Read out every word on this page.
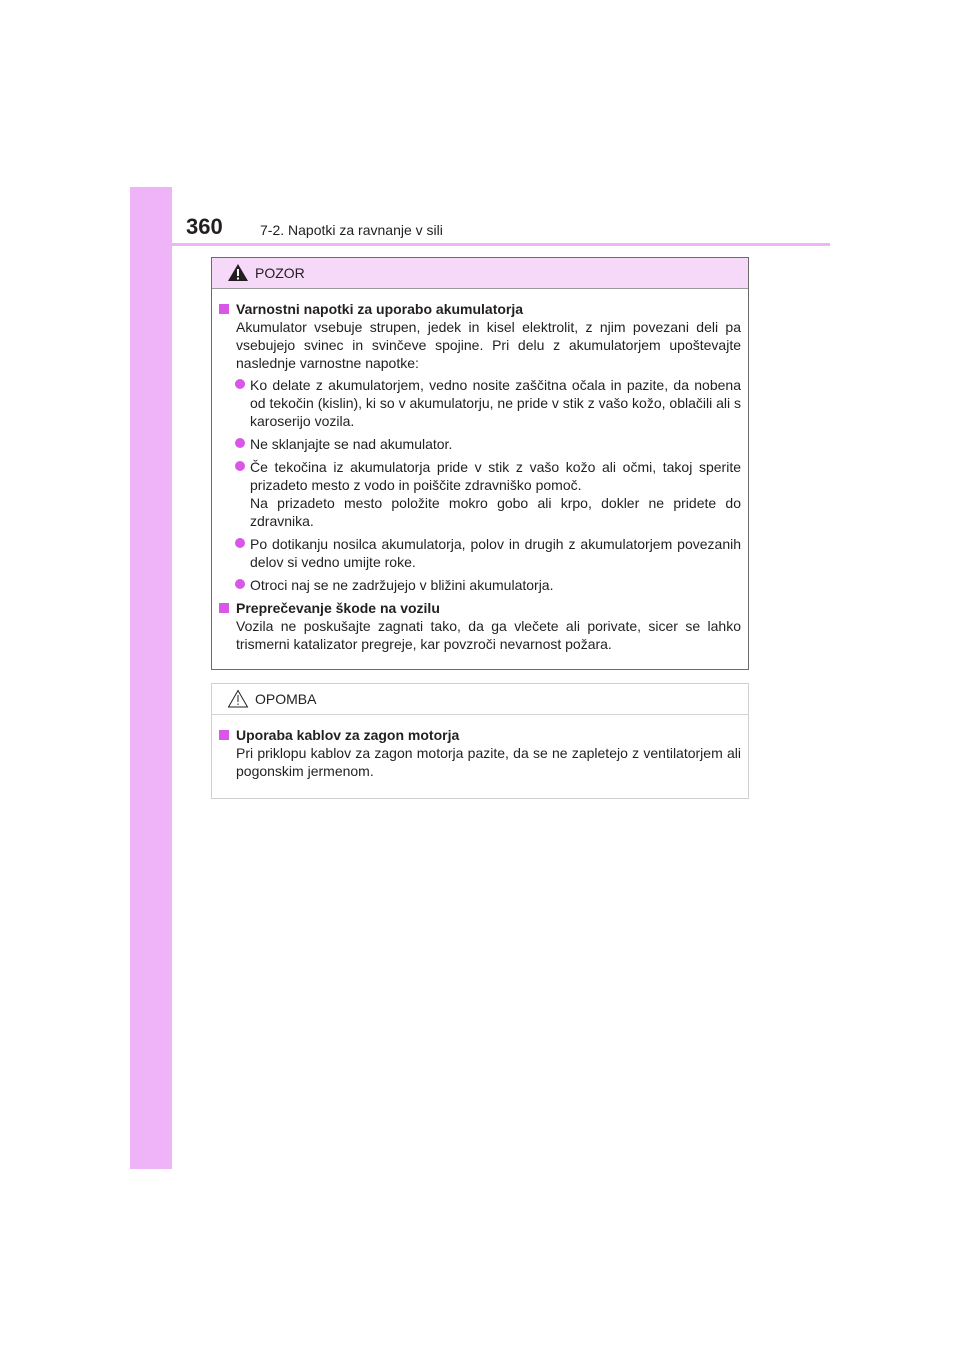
360	7-2. Napotki za ravnanje v sili
POZOR
Varnostni napotki za uporabo akumulatorja
Akumulator vsebuje strupen, jedek in kisel elektrolit, z njim povezani deli pa vsebujejo svinec in svinčeve spojine. Pri delu z akumulatorjem upoštevajte naslednje varnostne napotke:

Ko delate z akumulatorjem, vedno nosite zaščitna očala in pazite, da nobena od tekočin (kislin), ki so v akumulatorju, ne pride v stik z vašo kožo, oblačili ali s karoserijo vozila.

Ne sklanjajte se nad akumulator.

Če tekočina iz akumulatorja pride v stik z vašo kožo ali očmi, takoj sperite prizadeto mesto z vodo in poiščite zdravniško pomoč.

Na prizadeto mesto položite mokro gobo ali krpo, dokler ne pridete do zdravnika.

Po dotikanju nosilca akumulatorja, polov in drugih z akumulatorjem povezanih delov si vedno umijte roke.

Otroci naj se ne zadržujejo v bližini akumulatorja.

Preprečevanje škode na vozilu
Vozila ne poskušajte zagnati tako, da ga vlečete ali porivate, sicer se lahko trismerni katalizator pregreje, kar povzroči nevarnost požara.
OPOMBA
Uporaba kablov za zagon motorja
Pri priklopu kablov za zagon motorja pazite, da se ne zapletejo z ventilatorjem ali pogonskim jermenom.
